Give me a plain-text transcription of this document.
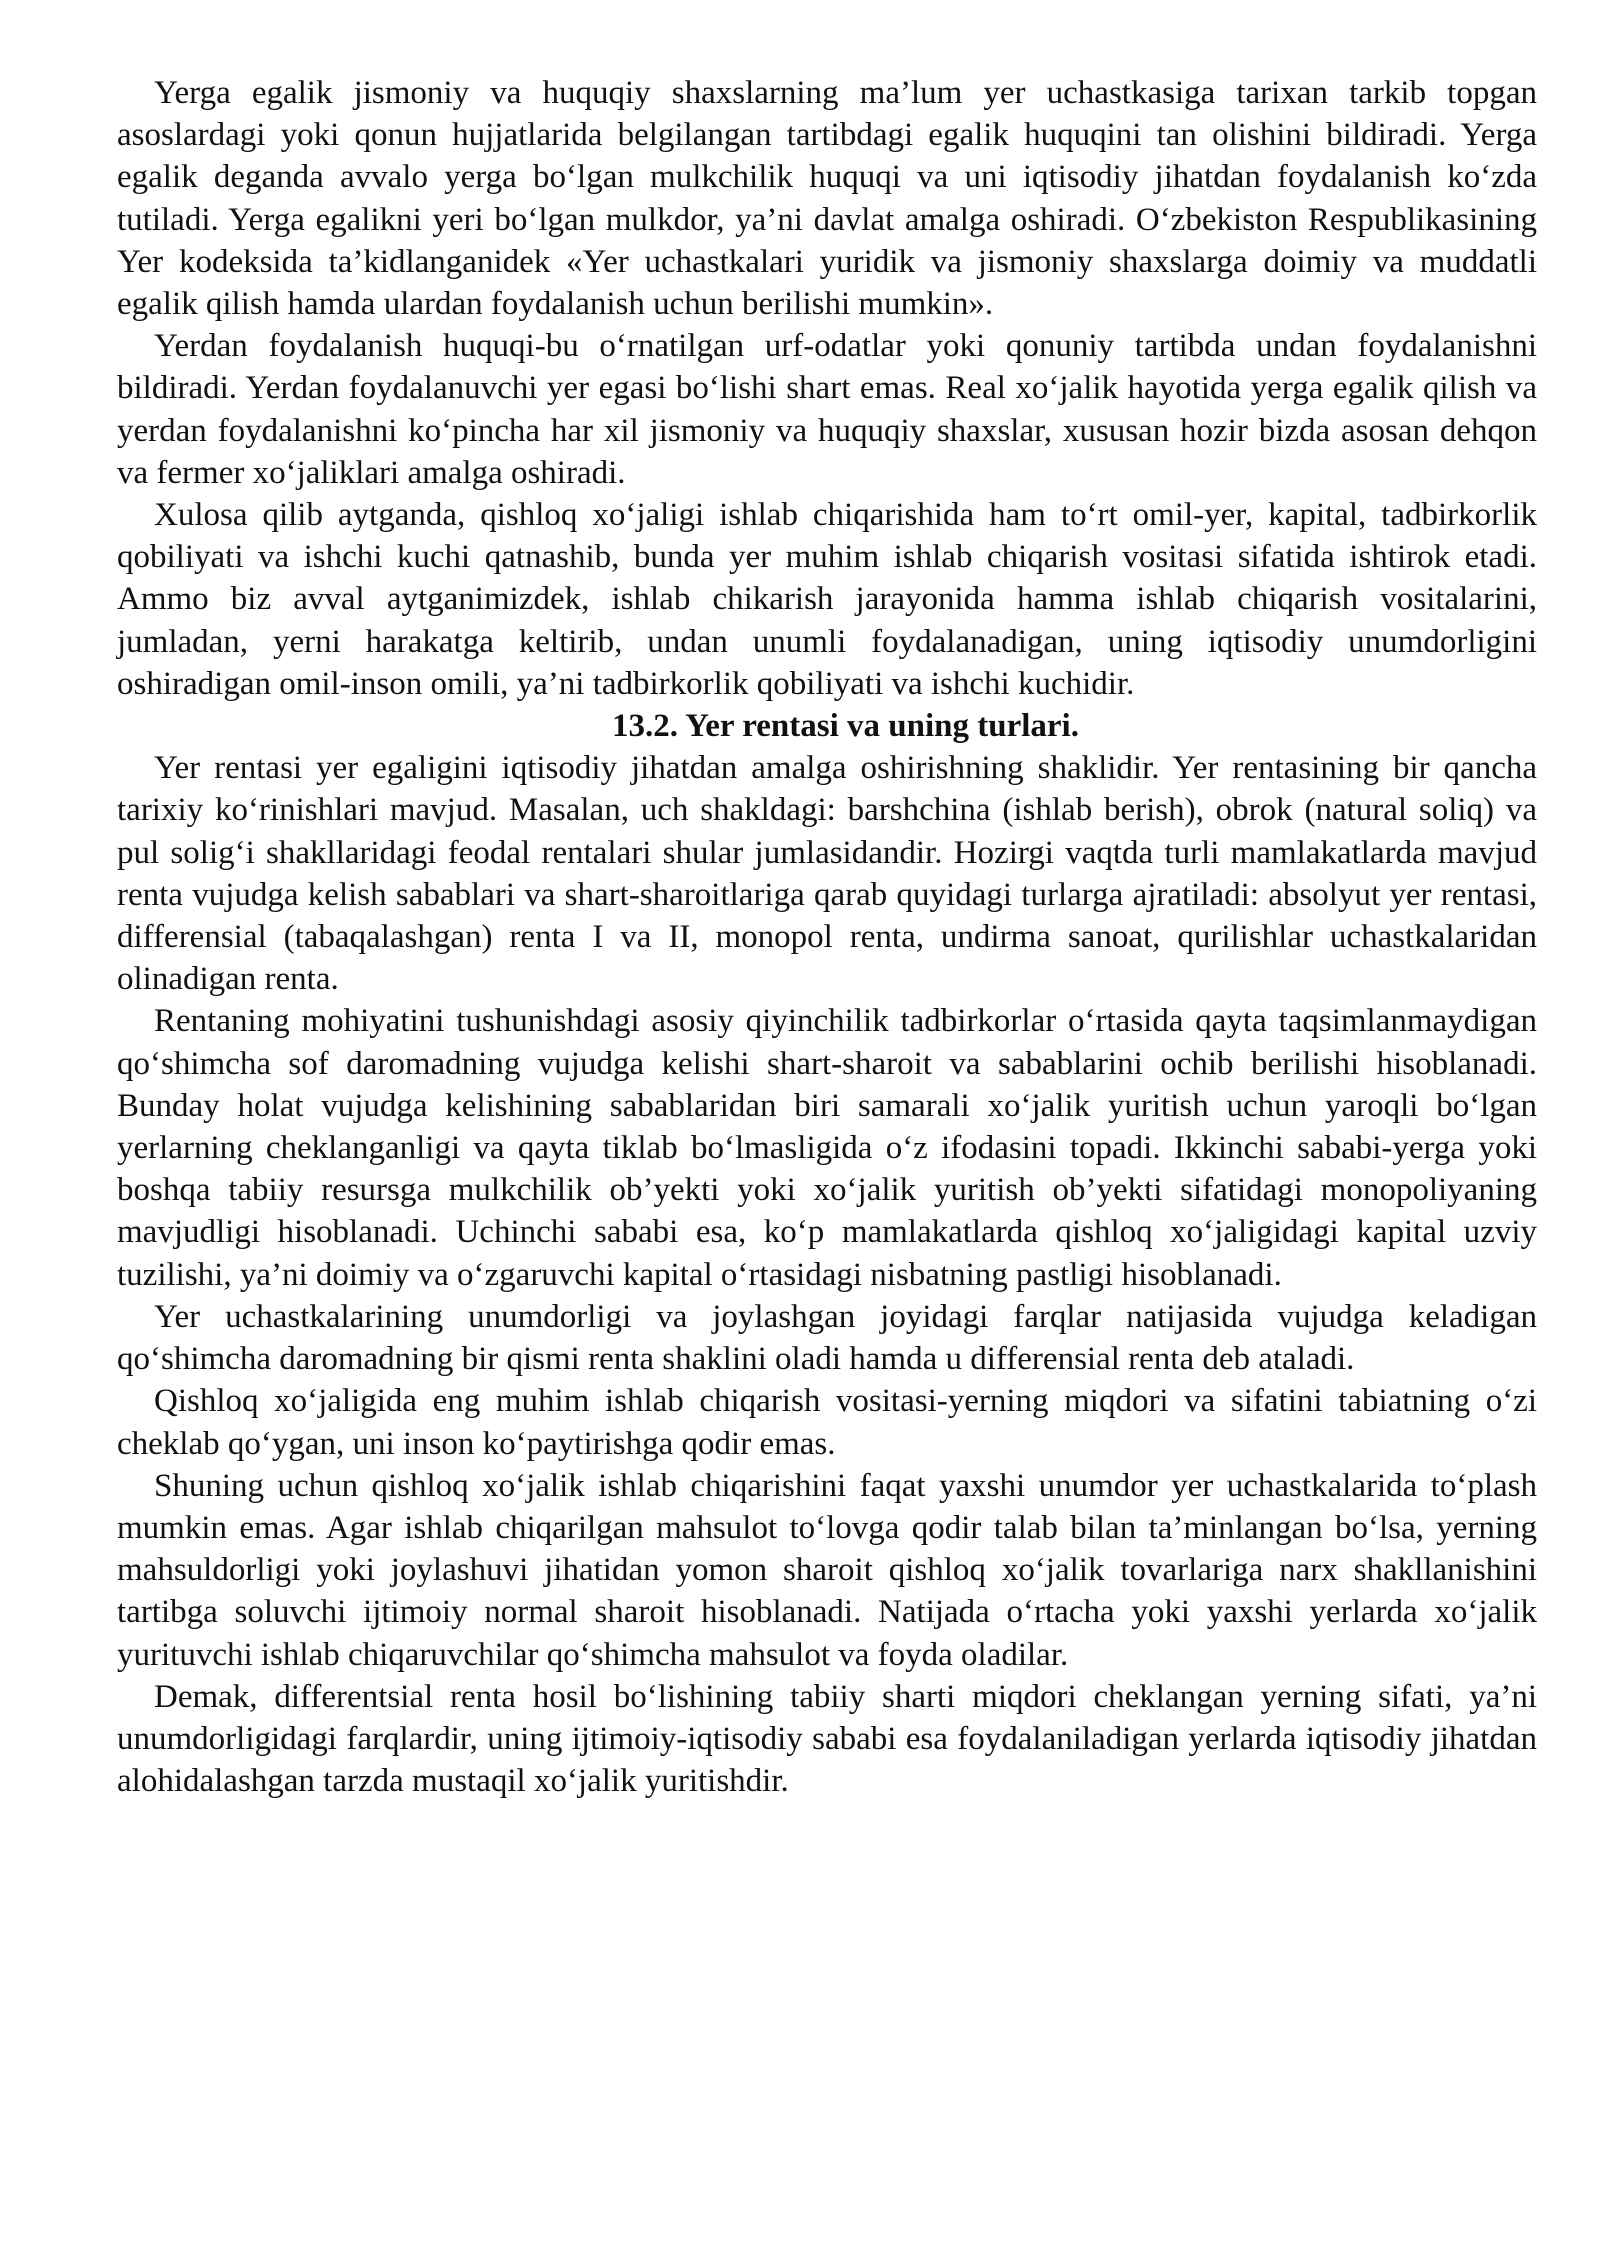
Yerga egalik jismoniy va huquqiy shaxslarning ma’lum yer uchastkasiga tarixan tarkib topgan asoslardagi yoki qonun hujjatlarida belgilangan tartibdagi egalik huquqini tan olishini bildiradi. Yerga egalik deganda avvalo yerga bo‘lgan mulkchilik huquqi va uni iqtisodiy jihatdan foydalanish ko‘zda tutiladi. Yerga egalikni yeri bo‘lgan mulkdor, ya’ni davlat amalga oshiradi. O‘zbekiston Respublikasining Yer kodeksida ta’kidlanganidek «Yer uchastkalari yuridik va jismoniy shaxslarga doimiy va muddatli egalik qilish hamda ulardan foydalanish uchun berilishi mumkin».

Yerdan foydalanish huquqi-bu o‘rnatilgan urf-odatlar yoki qonuniy tartibda undan foydalanishni bildiradi. Yerdan foydalanuvchi yer egasi bo‘lishi shart emas. Real xo‘jalik hayotida yerga egalik qilish va yerdan foydalanishni ko‘pincha har xil jismoniy va huquqiy shaxslar, xususan hozir bizda asosan dehqon va fermer xo‘jaliklari amalga oshiradi.

Xulosa qilib aytganda, qishloq xo‘jaligi ishlab chiqarishida ham to‘rt omil-yer, kapital, tadbirkorlik qobiliyati va ishchi kuchi qatnashib, bunda yer muhim ishlab chiqarish vositasi sifatida ishtirok etadi. Ammo biz avval aytganimizdek, ishlab chikarish jarayonida hamma ishlab chiqarish vositalarini, jumladan, yerni harakatga keltirib, undan unumli foydalanadigan, uning iqtisodiy unumdorligini oshiradigan omil-inson omili, ya’ni tadbirkorlik qobiliyati va ishchi kuchidir.

13.2. Yer rentasi va uning turlari.

Yer rentasi yer egaligini iqtisodiy jihatdan amalga oshirishning shaklidir. Yer rentasining bir qancha tarixiy ko‘rinishlari mavjud. Masalan, uch shakldagi: barshchina (ishlab berish), obrok (natural soliq) va pul solig‘i shakllaridagi feodal rentalari shular jumlasidandir. Hozirgi vaqtda turli mamlakatlarda mavjud renta vujudga kelish sabablari va shart-sharoitlariga qarab quyidagi turlarga ajratiladi: absolyut yer rentasi, differensial (tabaqalashgan) renta I va II, monopol renta, undirma sanoat, qurilishlar uchastkalaridan olinadigan renta.

Rentaning mohiyatini tushunishdagi asosiy qiyinchilik tadbirkorlar o‘rtasida qayta taqsimlanmaydigan qo‘shimcha sof daromadning vujudga kelishi shart-sharoit va sabablarini ochib berilishi hisoblanadi. Bunday holat vujudga kelishining sabablaridan biri samarali xo‘jalik yuritish uchun yaroqli bo‘lgan yerlarning cheklanganligi va qayta tiklab bo‘lmasligida o‘z ifodasini topadi. Ikkinchi sababi-yerga yoki boshqa tabiiy resursga mulkchilik ob’yekti yoki xo‘jalik yuritish ob’yekti sifatidagi monopoliyaning mavjudligi hisoblanadi. Uchinchi sababi esa, ko‘p mamlakatlarda qishloq xo‘jaligidagi kapital uzviy tuzilishi, ya’ni doimiy va o‘zgaruvchi kapital o‘rtasidagi nisbatning pastligi hisoblanadi.

Yer uchastkalarining unumdorligi va joylashgan joyidagi farqlar natijasida vujudga keladigan qo‘shimcha daromadning bir qismi renta shaklini oladi hamda u differensial renta deb ataladi.

Qishloq xo‘jaligida eng muhim ishlab chiqarish vositasi-yerning miqdori va sifatini tabiatning o‘zi cheklab qo‘ygan, uni inson ko‘paytirishga qodir emas.

Shuning uchun qishloq xo‘jalik ishlab chiqarishini faqat yaxshi unumdor yer uchastkalarida to‘plash mumkin emas. Agar ishlab chiqarilgan mahsulot to‘lovga qodir talab bilan ta’minlangan bo‘lsa, yerning mahsuldorligi yoki joylashuvi jihatidan yomon sharoit qishloq xo‘jalik tovarlariga narx shakllanishini tartibga soluvchi ijtimoiy normal sharoit hisoblanadi. Natijada o‘rtacha yoki yaxshi yerlarda xo‘jalik yurituvchi ishlab chiqaruvchilar qo‘shimcha mahsulot va foyda oladilar.

Demak, differentsial renta hosil bo‘lishining tabiiy sharti miqdori cheklangan yerning sifati, ya’ni unumdorligidagi farqlardir, uning ijtimoiy-iqtisodiy sababi esa foydalaniladigan yerlarda iqtisodiy jihatdan alohidalashgan tarzda mustaqil xo‘jalik yuritishdir.
